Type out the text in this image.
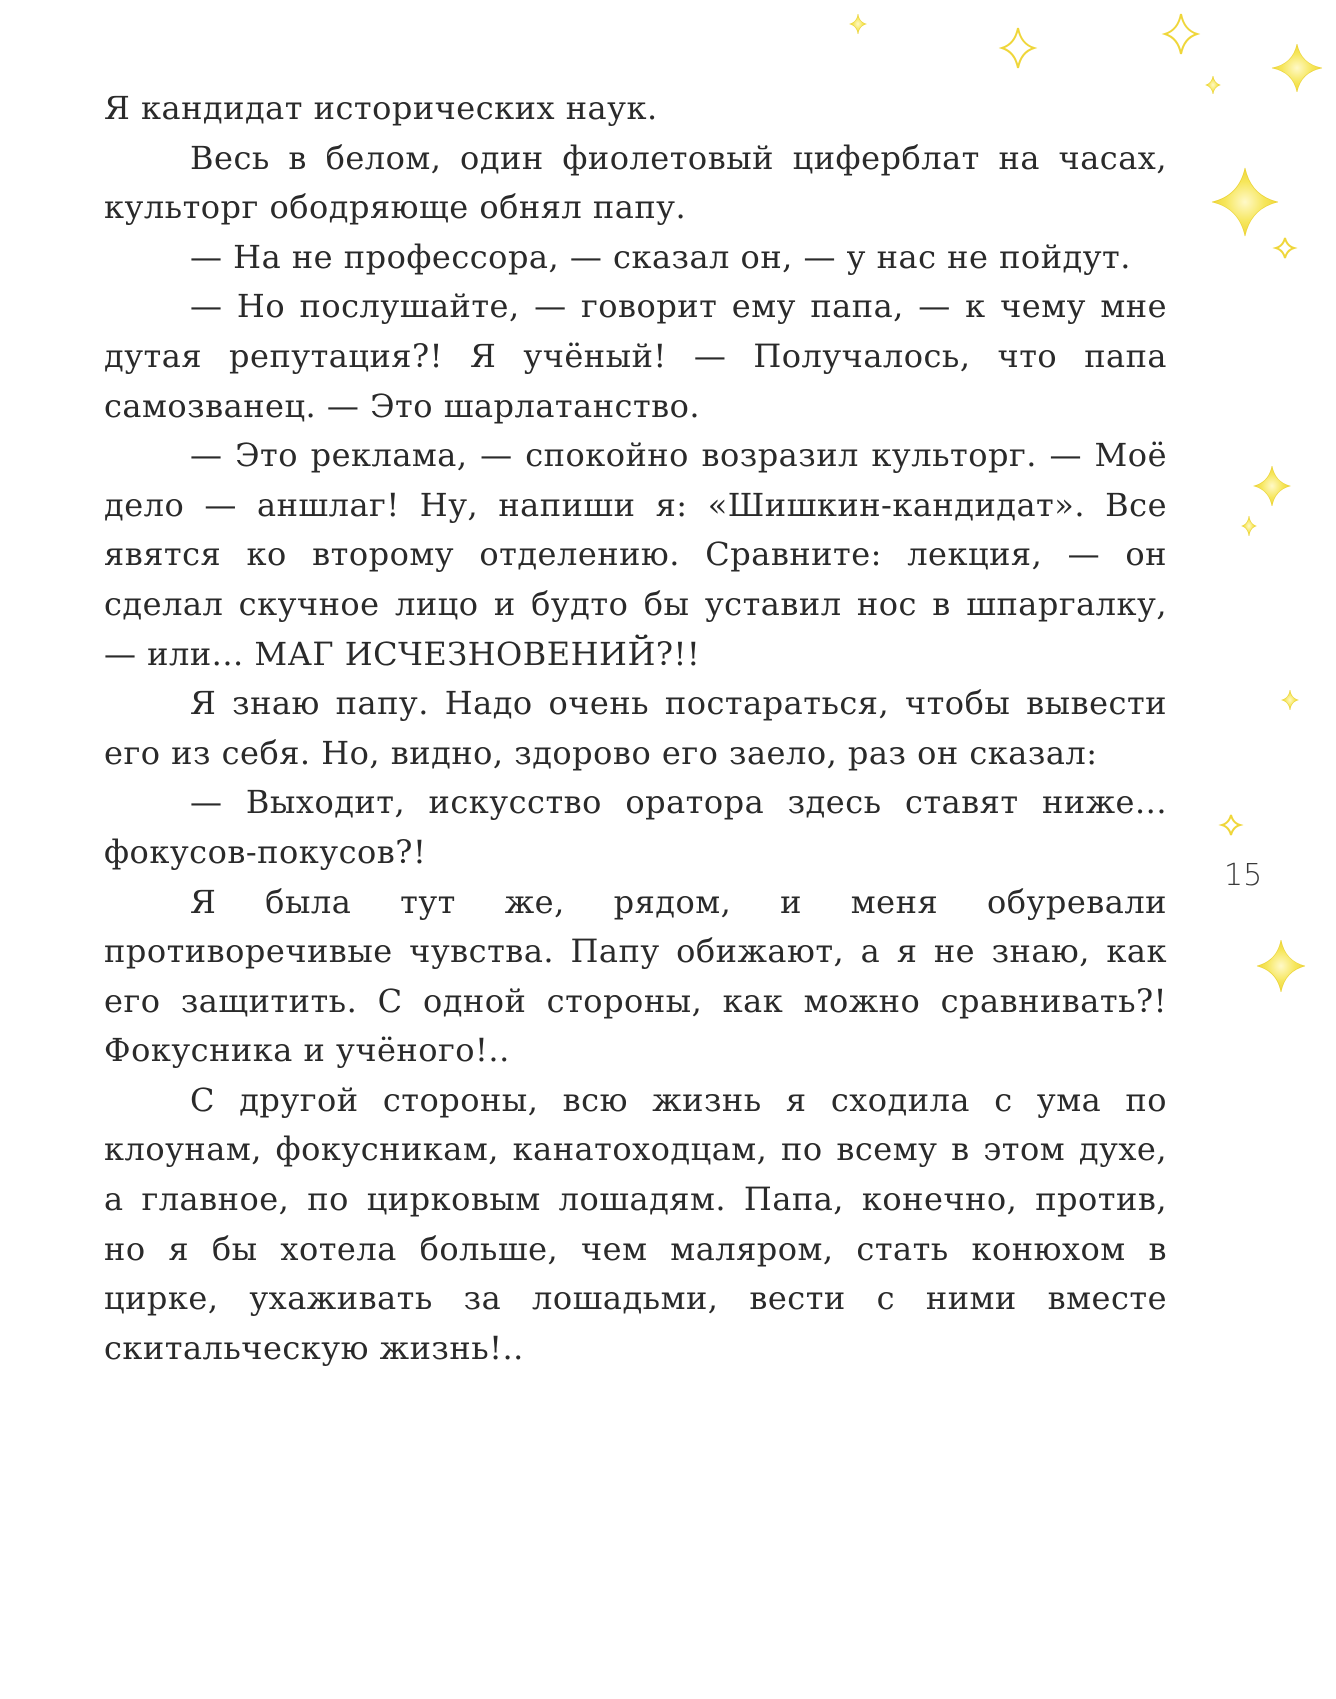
Я кандидат исторических наук.

Весь в белом, один фиолетовый циферблат на часах, культорг ободряюще обнял папу.

— На не профессора, — сказал он, — у нас не пойдут.

— Но послушайте, — говорит ему папа, — к чему мне дутая репутация?! Я учёный! — Получалось, что папа самозванец. — Это шарлатанство.

— Это реклама, — спокойно возразил культорг. — Моё дело — аншлаг! Ну, напиши я: «Шишкин-кандидат». Все явятся ко второму отделению. Сравните: лекция, — он сделал скучное лицо и будто бы уставил нос в шпаргалку, — или... МАГ ИСЧЕЗНОВЕНИЙ?!!

Я знаю папу. Надо очень постараться, чтобы вывести его из себя. Но, видно, здорово его заело, раз он сказал:

— Выходит, искусство оратора здесь ставят ниже... фокусов-покусов?!

Я была тут же, рядом, и меня обуревали противоречивые чувства. Папу обижают, а я не знаю, как его защитить. С одной стороны, как можно сравнивать?! Фокусника и учёного!..

С другой стороны, всю жизнь я сходила с ума по клоунам, фокусникам, канатоходцам, по всему в этом духе, а главное, по цирковым лошадям. Папа, конечно, против, но я бы хотела больше, чем маляром, стать конюхом в цирке, ухаживать за лошадьми, вести с ними вместе скитальческую жизнь!..

15
